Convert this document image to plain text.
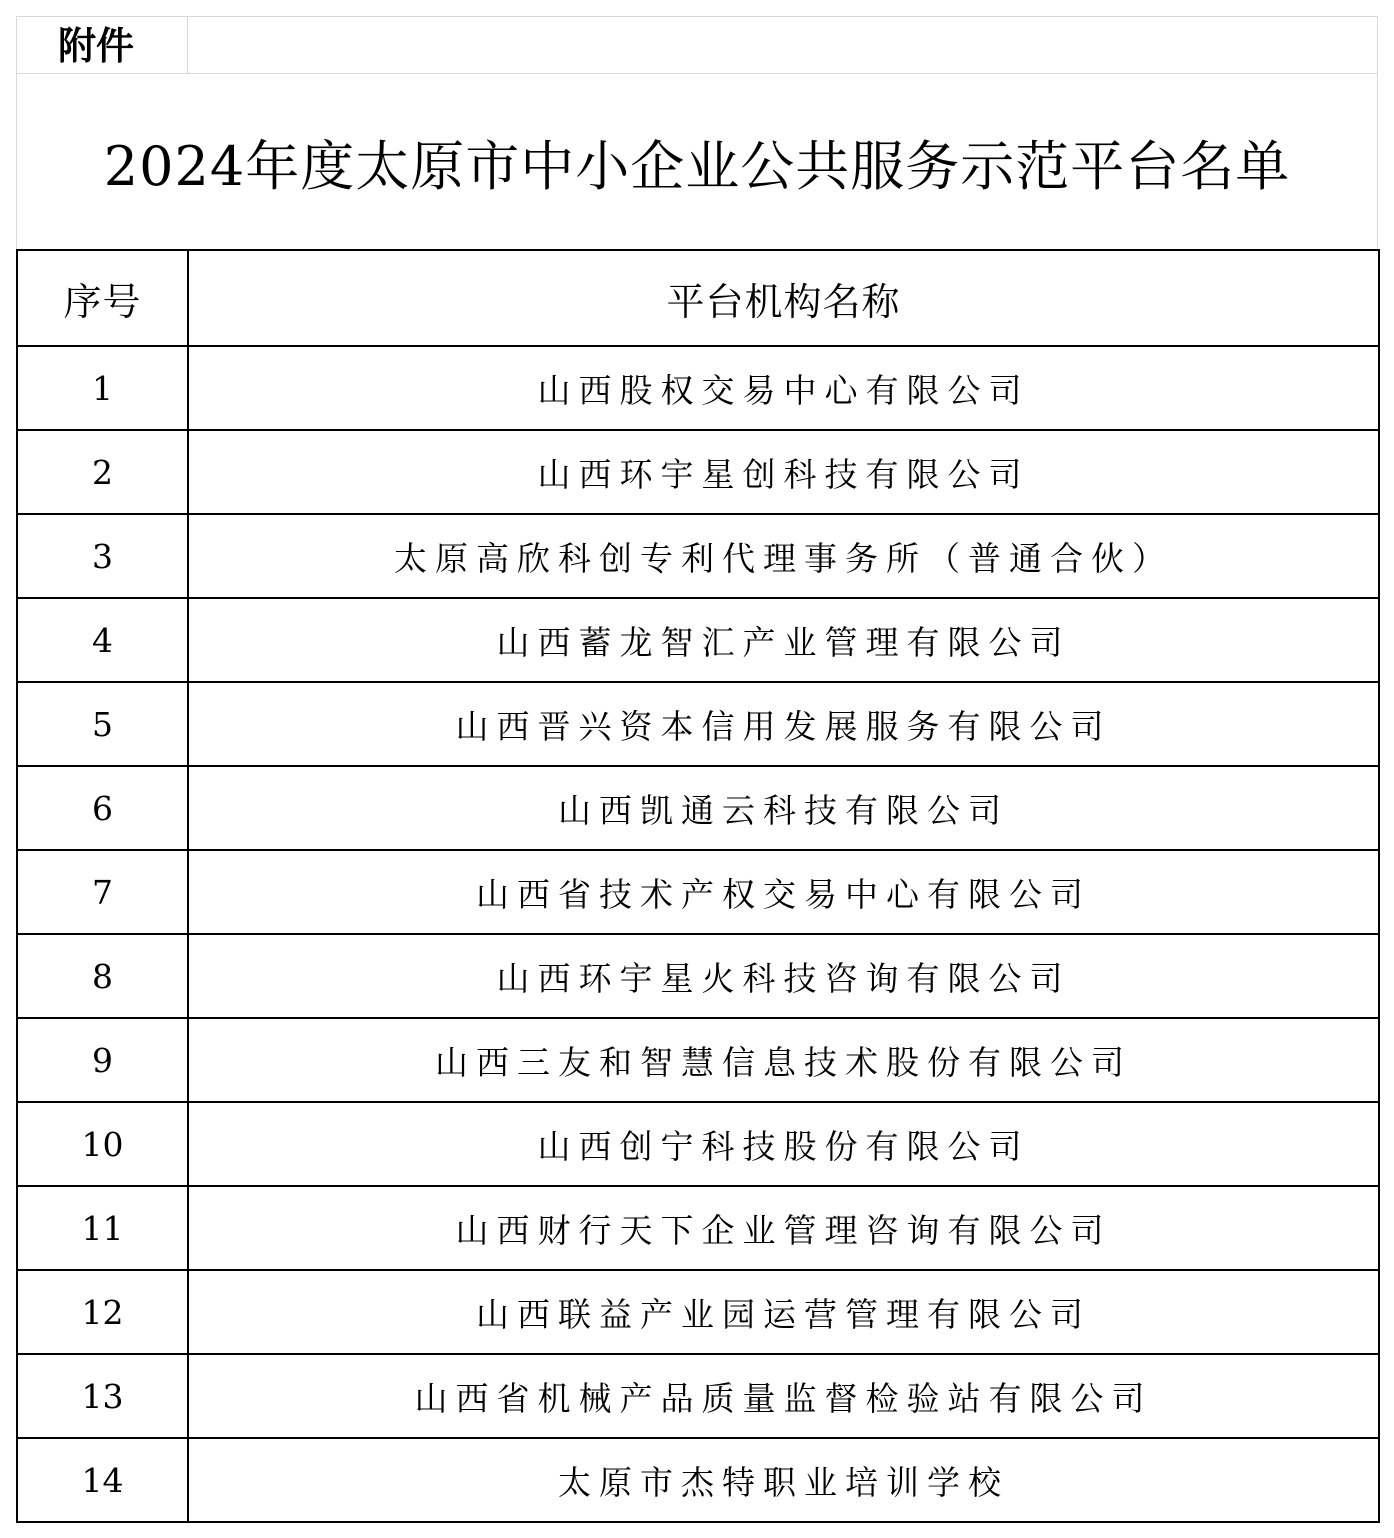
附件
2024年度太原市中小企业公共服务示范平台名单
序号	平台机构名称
1	山西股权交易中心有限公司
2	山西环宇星创科技有限公司
3	太原高欣科创专利代理事务所（普通合伙）
4	山西蓄龙智汇产业管理有限公司
5	山西晋兴资本信用发展服务有限公司
6	山西凯通云科技有限公司
7	山西省技术产权交易中心有限公司
8	山西环宇星火科技咨询有限公司
9	山西三友和智慧信息技术股份有限公司
10	山西创宁科技股份有限公司
11	山西财行天下企业管理咨询有限公司
12	山西联益产业园运营管理有限公司
13	山西省机械产品质量监督检验站有限公司
14	太原市杰特职业培训学校
